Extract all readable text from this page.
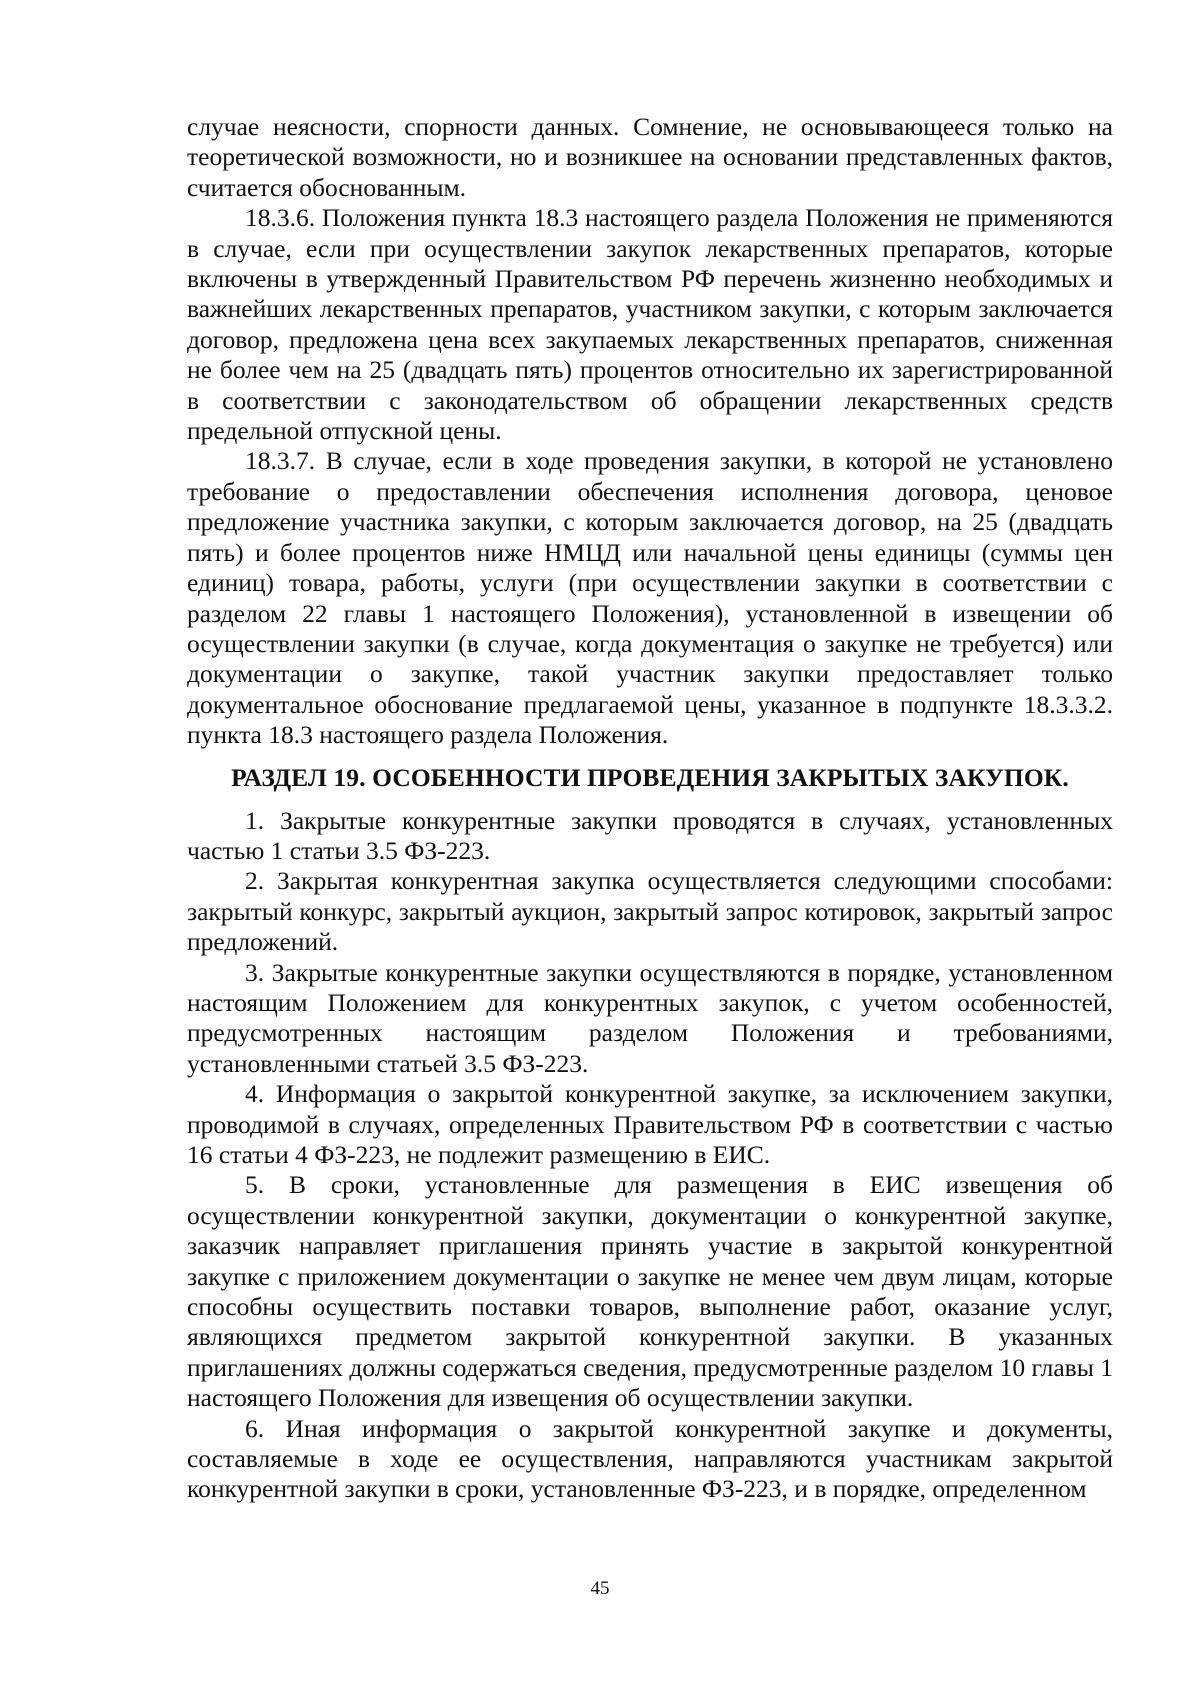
случае неясности, спорности данных. Сомнение, не основывающееся только на теоретической возможности, но и возникшее на основании представленных фактов, считается обоснованным.

18.3.6. Положения пункта 18.3 настоящего раздела Положения не применяются в случае, если при осуществлении закупок лекарственных препаратов, которые включены в утвержденный Правительством РФ перечень жизненно необходимых и важнейших лекарственных препаратов, участником закупки, с которым заключается договор, предложена цена всех закупаемых лекарственных препаратов, сниженная не более чем на 25 (двадцать пять) процентов относительно их зарегистрированной в соответствии с законодательством об обращении лекарственных средств предельной отпускной цены.

18.3.7. В случае, если в ходе проведения закупки, в которой не установлено требование о предоставлении обеспечения исполнения договора, ценовое предложение участника закупки, с которым заключается договор, на 25 (двадцать пять) и более процентов ниже НМЦД или начальной цены единицы (суммы цен единиц) товара, работы, услуги (при осуществлении закупки в соответствии с разделом 22 главы 1 настоящего Положения), установленной в извещении об осуществлении закупки (в случае, когда документация о закупке не требуется) или документации о закупке, такой участник закупки предоставляет только документальное обоснование предлагаемой цены, указанное в подпункте 18.3.3.2. пункта 18.3 настоящего раздела Положения.

РАЗДЕЛ 19. ОСОБЕННОСТИ ПРОВЕДЕНИЯ ЗАКРЫТЫХ ЗАКУПОК.

1. Закрытые конкурентные закупки проводятся в случаях, установленных частью 1 статьи 3.5 ФЗ-223.

2. Закрытая конкурентная закупка осуществляется следующими способами: закрытый конкурс, закрытый аукцион, закрытый запрос котировок, закрытый запрос предложений.

3. Закрытые конкурентные закупки осуществляются в порядке, установленном настоящим Положением для конкурентных закупок, с учетом особенностей, предусмотренных настоящим разделом Положения и требованиями, установленными статьей 3.5 ФЗ-223.

4. Информация о закрытой конкурентной закупке, за исключением закупки, проводимой в случаях, определенных Правительством РФ в соответствии с частью 16 статьи 4 ФЗ-223, не подлежит размещению в ЕИС.

5. В сроки, установленные для размещения в ЕИС извещения об осуществлении конкурентной закупки, документации о конкурентной закупке, заказчик направляет приглашения принять участие в закрытой конкурентной закупке с приложением документации о закупке не менее чем двум лицам, которые способны осуществить поставки товаров, выполнение работ, оказание услуг, являющихся предметом закрытой конкурентной закупки. В указанных приглашениях должны содержаться сведения, предусмотренные разделом 10 главы 1 настоящего Положения для извещения об осуществлении закупки.

6. Иная информация о закрытой конкурентной закупке и документы, составляемые в ходе ее осуществления, направляются участникам закрытой конкурентной закупки в сроки, установленные ФЗ-223, и в порядке, определенном

45
